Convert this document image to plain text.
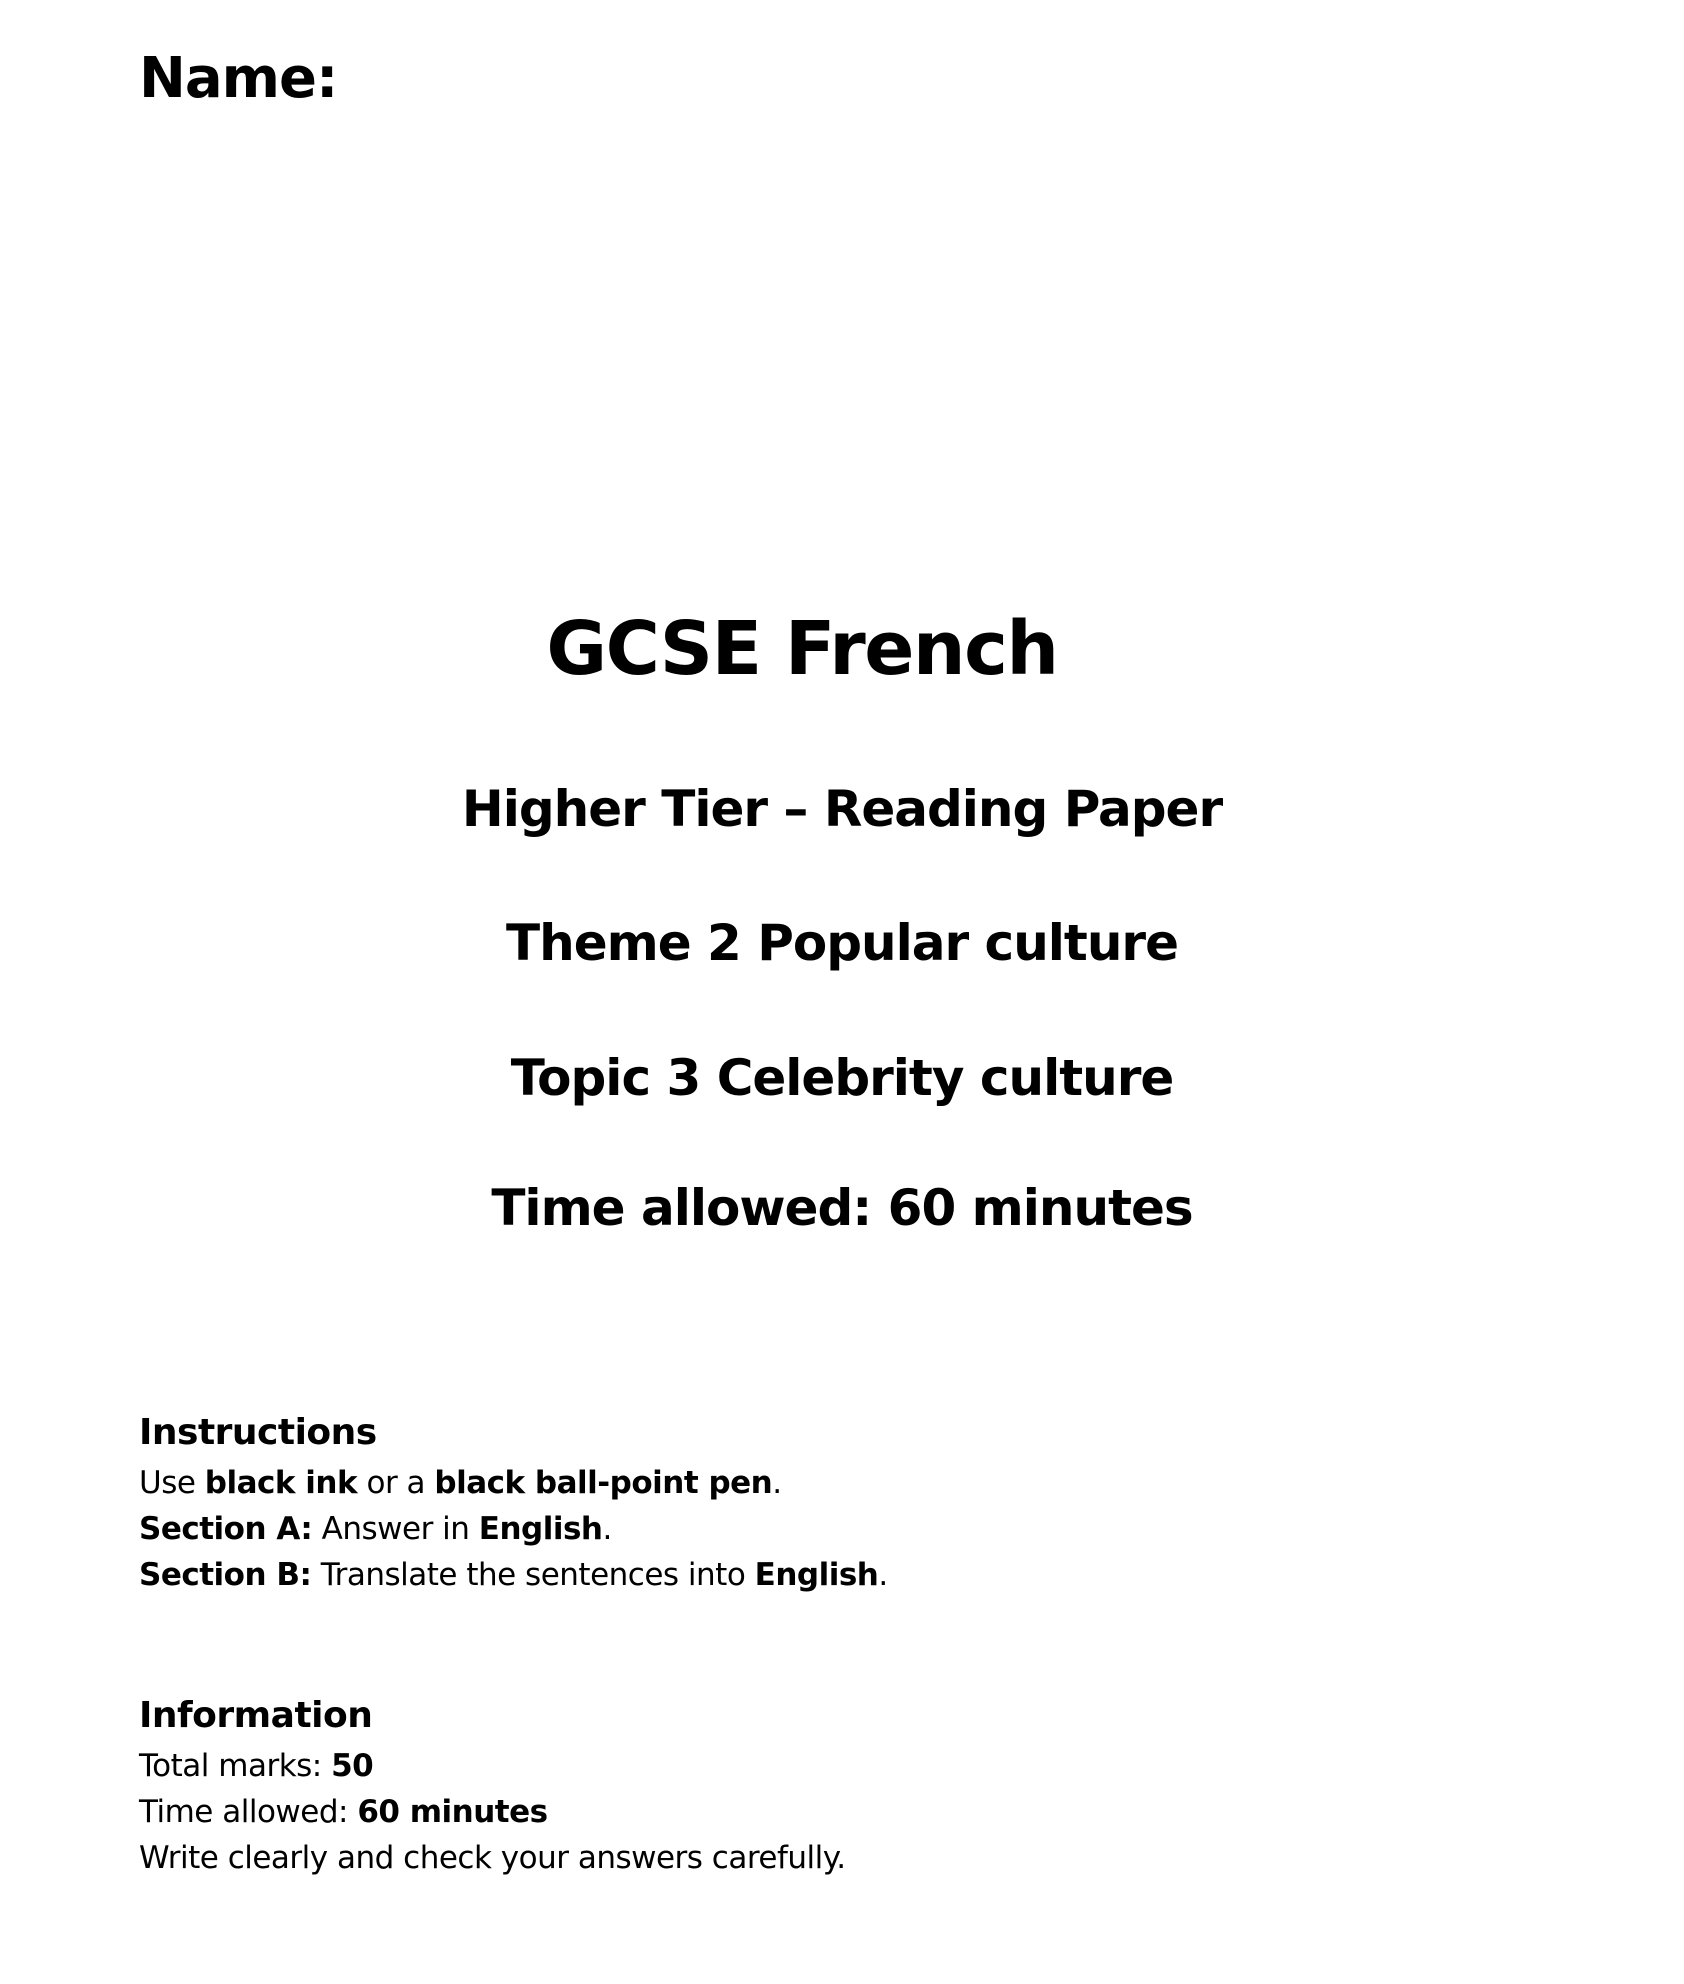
Name:
GCSE French
Higher Tier – Reading Paper
Theme 2 Popular culture
Topic 3 Celebrity culture
Time allowed: 60 minutes
Instructions

Use black ink or a black ball-point pen.

Section A: Answer in English.

Section B: Translate the sentences into English.

Information

Total marks: 50

Time allowed: 60 minutes

Write clearly and check your answers carefully.
